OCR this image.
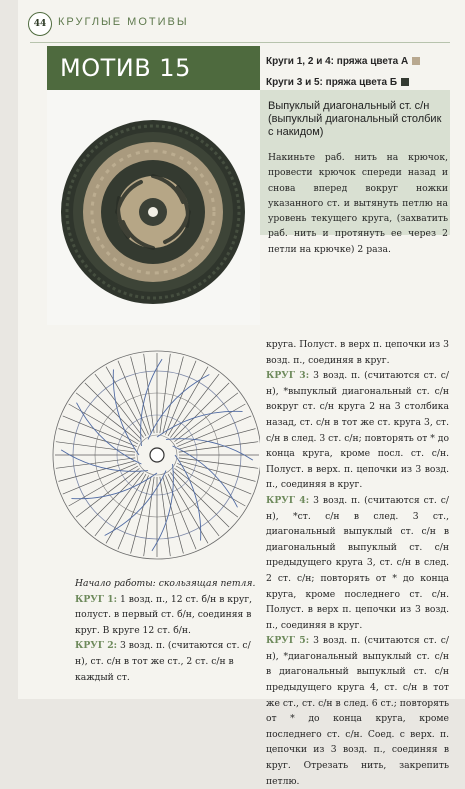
44 КРУГЛЫЕ МОТИВЫ
МОТИВ 15	Круги 1, 2 и 4: пряжа цвета А
Круги 3 и 5: пряжа цвета Б
Выпуклый диагональный ст. с/н (выпуклый диагональный столбик с накидом)
Накиньте раб. нить на крючок, провести крючок спереди назад и снова вперед вокруг ножки указанного ст. и вытянуть петлю на уровень текущего круга, (захватить раб. нить и протянуть ее через 2 петли на крючке) 2 раза.

Начало работы: скользящая петля.

КРУГ 1: 1 возд. п., 12 ст. б/н в круг, полуст. в первый ст. б/н, соединяя в круг. В круге 12 ст. б/н.

КРУГ 2: 3 возд. п. (считаются ст. с/н), ст. с/н в тот же ст., 2 ст. с/н в каждый ст.

круга. Полуст. в верх п. цепочки из 3 возд. п., соединяя в круг.

КРУГ 3: 3 возд. п. (считаются ст. с/н), *выпуклый диагональный ст. с/н вокруг ст. с/н круга 2 на 3 столбика назад, ст. с/н в тот же ст. круга 3, ст. с/н в след. 3 ст. с/н; повторять от * до конца круга, кроме посл. ст. с/н. Полуст. в верх. п. цепочки из 3 возд. п., соединяя в круг.

КРУГ 4: 3 возд. п. (считаются ст. с/н), *ст. с/н в след. 3 ст., диагональный выпуклый ст. с/н в диагональный выпуклый ст. с/н предыдущего круга 3, ст. с/н в след. 2 ст. с/н; повторять от * до конца круга, кроме последнего ст. с/н. Полуст. в верх п. цепочки из 3 возд. п., соединяя в круг.

КРУГ 5: 3 возд. п. (считаются ст. с/н), *диагональный выпуклый ст. с/н в диагональный выпуклый ст. с/н предыдущего круга 4, ст. с/н в тот же ст., ст. с/н в след. 6 ст.; повторять от * до конца круга, кроме последнего ст. с/н. Соед. с верх. п. цепочки из 3 возд. п., соединяя в круг. Отрезать нить, закрепить петлю.
